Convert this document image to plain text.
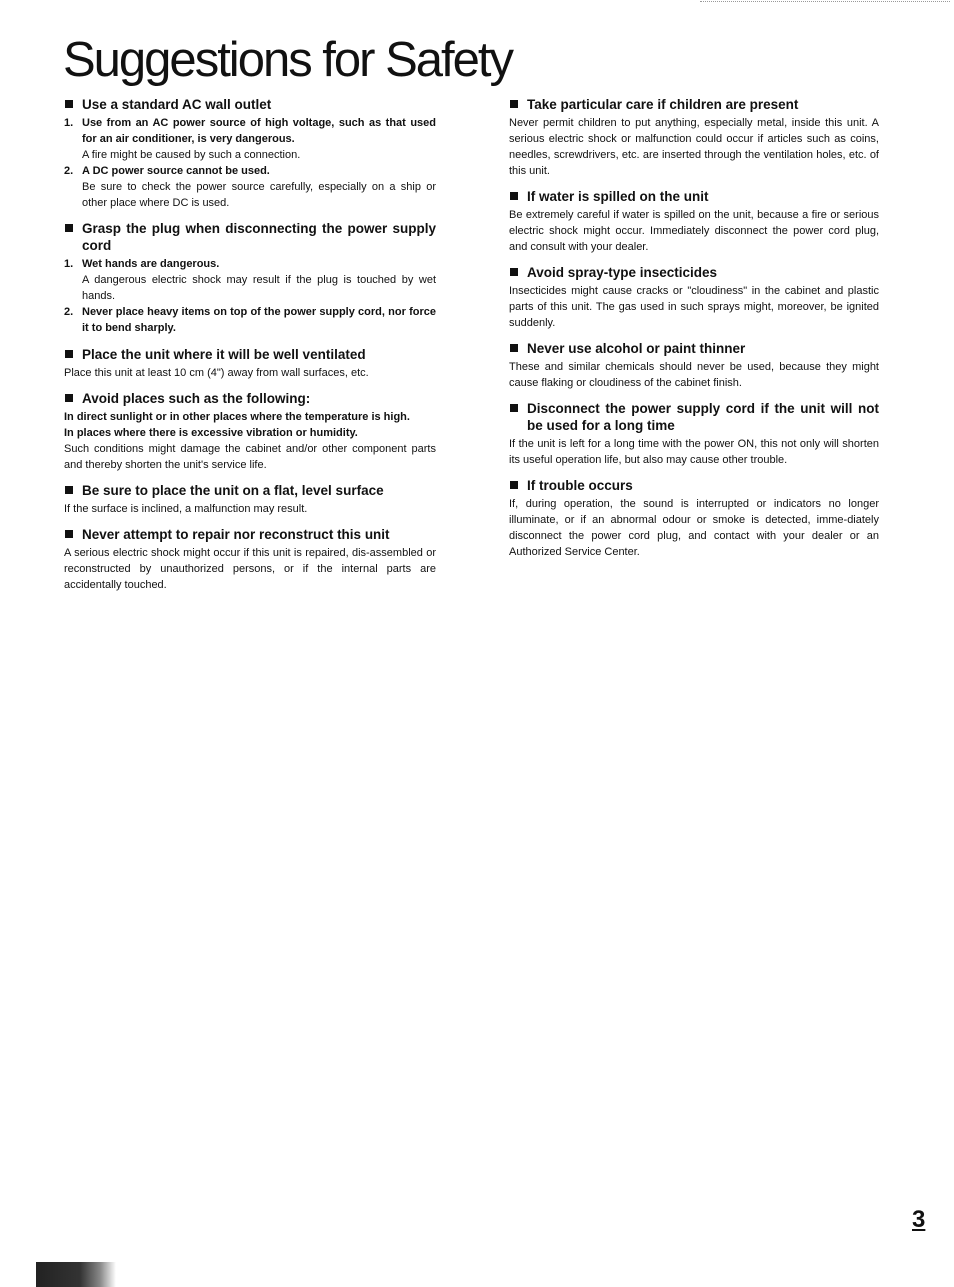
Suggestions for Safety
Use a standard AC wall outlet
1. Use from an AC power source of high voltage, such as that used for an air conditioner, is very dangerous.

A fire might be caused by such a connection.

2. A DC power source cannot be used.

Be sure to check the power source carefully, especially on a ship or other place where DC is used.

Grasp the plug when disconnecting the power supply cord
1. Wet hands are dangerous.

A dangerous electric shock may result if the plug is touched by wet hands.

2. Never place heavy items on top of the power supply cord, nor force it to bend sharply.

Place the unit where it will be well ventilated

Place this unit at least 10 cm (4") away from wall surfaces, etc.

Avoid places such as the following:

In direct sunlight or in other places where the temperature is high.

In places where there is excessive vibration or humidity.

Such conditions might damage the cabinet and/or other component parts and thereby shorten the unit's service life.

Be sure to place the unit on a flat, level surface

If the surface is inclined, a malfunction may result.

Never attempt to repair nor reconstruct this unit

A serious electric shock might occur if this unit is repaired, dis-assembled or reconstructed by unauthorized persons, or if the internal parts are accidentally touched.

Take particular care if children are present

Never permit children to put anything, especially metal, inside this unit. A serious electric shock or malfunction could occur if articles such as coins, needles, screwdrivers, etc. are inserted through the ventilation holes, etc. of this unit.

If water is spilled on the unit

Be extremely careful if water is spilled on the unit, because a fire or serious electric shock might occur. Immediately disconnect the power cord plug, and consult with your dealer.

Avoid spray-type insecticides

Insecticides might cause cracks or "cloudiness" in the cabinet and plastic parts of this unit. The gas used in such sprays might, moreover, be ignited suddenly.

Never use alcohol or paint thinner

These and similar chemicals should never be used, because they might cause flaking or cloudiness of the cabinet finish.

Disconnect the power supply cord if the unit will not be used for a long time

If the unit is left for a long time with the power ON, this not only will shorten its useful operation life, but also may cause other trouble.

If trouble occurs

If, during operation, the sound is interrupted or indicators no longer illuminate, or if an abnormal odour or smoke is detected, imme-diately disconnect the power cord plug, and contact with your dealer or an Authorized Service Center.

3
